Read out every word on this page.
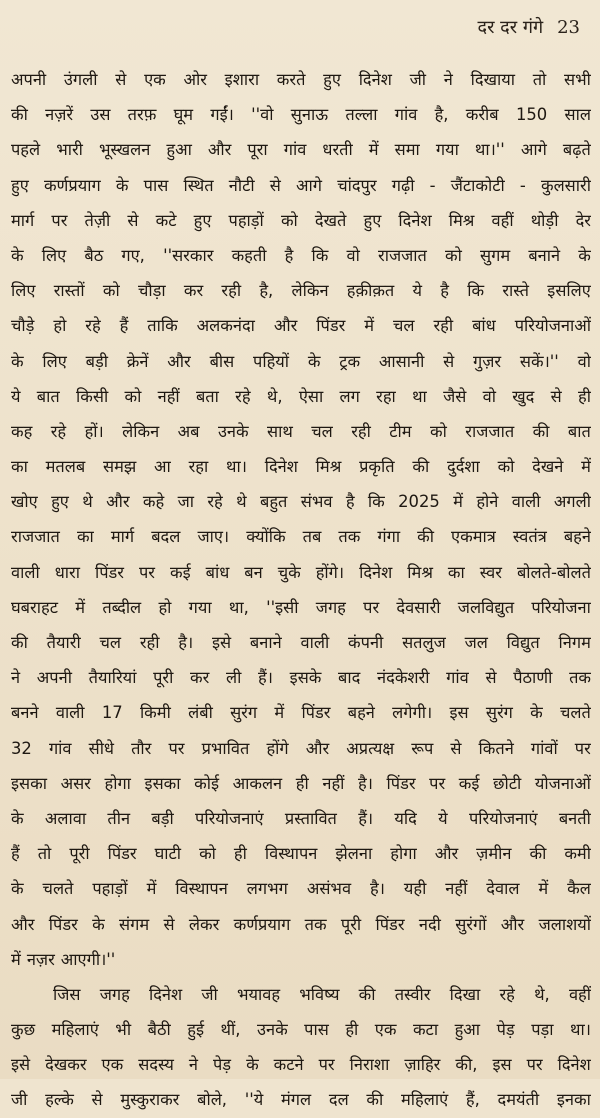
दर दर गंगे 23
अपनी उंगली से एक ओर इशारा करते हुए दिनेश जी ने दिखाया तो सभी
की नज़रें उस तरफ़ घूम गईं। ''वो सुनाऊ तल्ला गांव है, करीब 150 साल
पहले भारी भूस्खलन हुआ और पूरा गांव धरती में समा गया था।'' आगे बढ़ते
हुए कर्णप्रयाग के पास स्थित नौटी से आगे चांदपुर गढ़ी - जैंटाकोटी - कुलसारी
मार्ग पर तेज़ी से कटे हुए पहाड़ों को देखते हुए दिनेश मिश्र वहीं थोड़ी देर
के लिए बैठ गए, ''सरकार कहती है कि वो राजजात को सुगम बनाने के
लिए रास्तों को चौड़ा कर रही है, लेकिन हक़ीक़त ये है कि रास्ते इसलिए
चौड़े हो रहे हैं ताकि अलकनंदा और पिंडर में चल रही बांध परियोजनाओं
के लिए बड़ी क्रेनें और बीस पहियों के ट्रक आसानी से गुज़र सकें।'' वो
ये बात किसी को नहीं बता रहे थे, ऐसा लग रहा था जैसे वो खुद से ही
कह रहे हों। लेकिन अब उनके साथ चल रही टीम को राजजात की बात
का मतलब समझ आ रहा था। दिनेश मिश्र प्रकृति की दुर्दशा को देखने में
खोए हुए थे और कहे जा रहे थे बहुत संभव है कि 2025 में होने वाली अगली
राजजात का मार्ग बदल जाए। क्योंकि तब तक गंगा की एकमात्र स्वतंत्र बहने
वाली धारा पिंडर पर कई बांध बन चुके होंगे। दिनेश मिश्र का स्वर बोलते-बोलते
घबराहट में तब्दील हो गया था, ''इसी जगह पर देवसारी जलविद्युत परियोजना
की तैयारी चल रही है। इसे बनाने वाली कंपनी सतलुज जल विद्युत निगम
ने अपनी तैयारियां पूरी कर ली हैं। इसके बाद नंदकेशरी गांव से पैठाणी तक
बनने वाली 17 किमी लंबी सुरंग में पिंडर बहने लगेगी। इस सुरंग के चलते
32 गांव सीधे तौर पर प्रभावित होंगे और अप्रत्यक्ष रूप से कितने गांवों पर
इसका असर होगा इसका कोई आकलन ही नहीं है। पिंडर पर कई छोटी योजनाओं
के अलावा तीन बड़ी परियोजनाएं प्रस्तावित हैं। यदि ये परियोजनाएं बनती
हैं तो पूरी पिंडर घाटी को ही विस्थापन झेलना होगा और ज़मीन की कमी
के चलते पहाड़ों में विस्थापन लगभग असंभव है। यही नहीं देवाल में कैल
और पिंडर के संगम से लेकर कर्णप्रयाग तक पूरी पिंडर नदी सुरंगों और जलाशयों
में नज़र आएगी।''
जिस जगह दिनेश जी भयावह भविष्य की तस्वीर दिखा रहे थे, वहीं
कुछ महिलाएं भी बैठी हुई थीं, उनके पास ही एक कटा हुआ पेड़ पड़ा था।
इसे देखकर एक सदस्य ने पेड़ के कटने पर निराशा ज़ाहिर की, इस पर दिनेश
जी हल्के से मुस्कुराकर बोले, ''ये मंगल दल की महिलाएं हैं, दमयंती इनका
